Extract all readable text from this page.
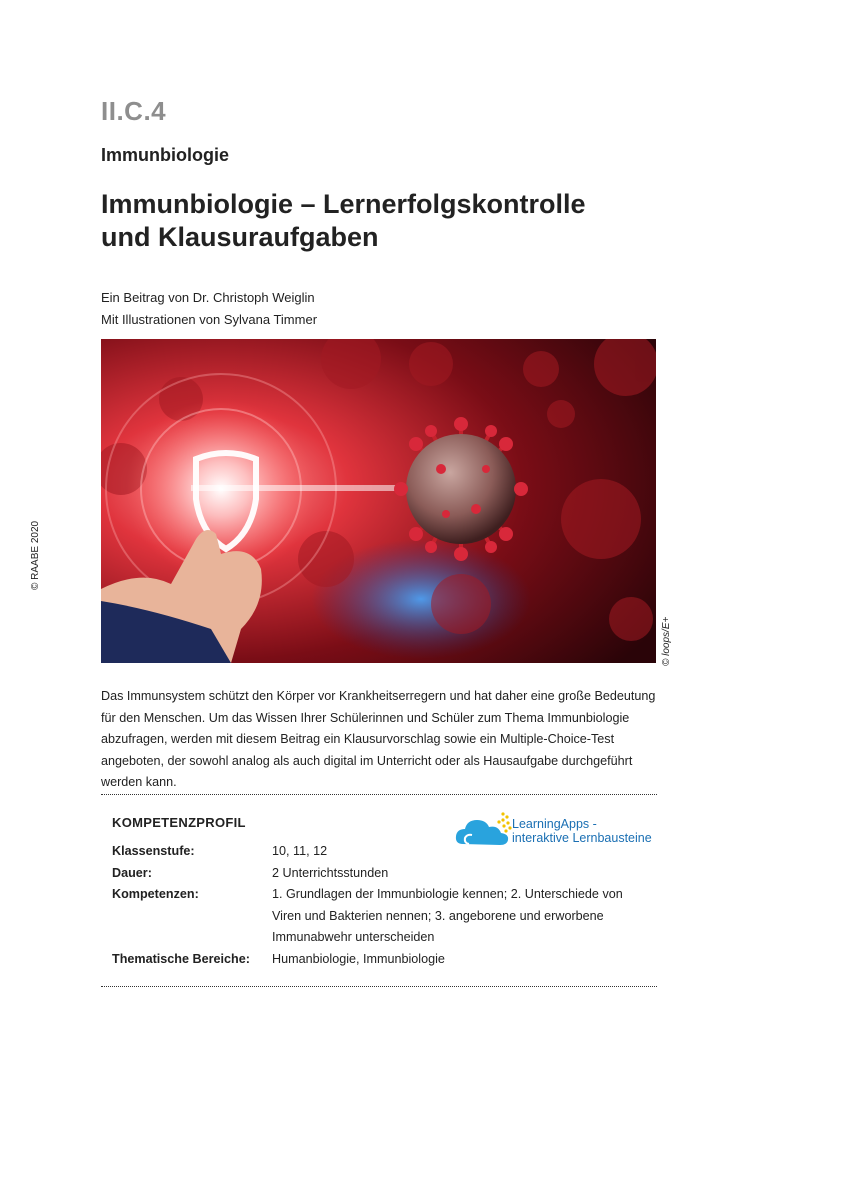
II.C.4
Immunbiologie
Immunbiologie – Lernerfolgskontrolle
und Klausuraufgaben
Ein Beitrag von Dr. Christoph Weiglin
Mit Illustrationen von Sylvana Timmer
© RAABE 2020
© loops/E+
Das Immunsystem schützt den Körper vor Krankheitserregern und hat daher eine große Bedeutung für den Menschen. Um das Wissen Ihrer Schülerinnen und Schüler zum Thema Immunbiologie abzufragen, werden mit diesem Beitrag ein Klausurvorschlag sowie ein Multiple-Choice-Test angeboten, der sowohl analog als auch digital im Unterricht oder als Hausaufgabe durchgeführt werden kann.
KOMPETENZPROFIL	LearningApps -
interaktive Lernbausteine
Klassenstufe:	10, 11, 12
Dauer:	2 Unterrichtsstunden
Kompetenzen:	1. Grundlagen der Immunbiologie kennen; 2. Unterschiede von Viren und Bakterien nennen; 3. angeborene und erworbene Immunabwehr unterscheiden
Thematische Bereiche:	Humanbiologie, Immunbiologie
